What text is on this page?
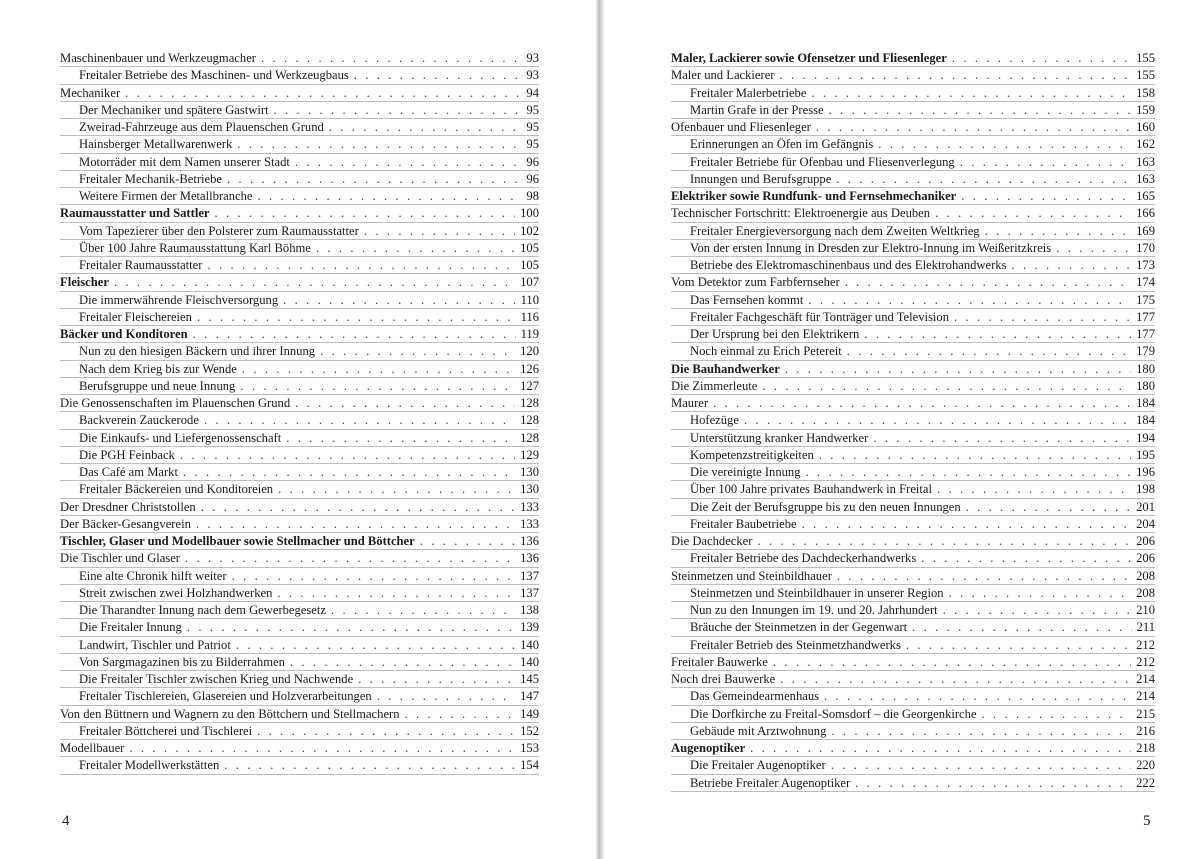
Maschinenbauer und Werkzeugmacher . . .	93
Freitaler Betriebe des Maschinen- und Werkzeugbaus . . .	93
Mechaniker . . .	94
Der Mechaniker und spätere Gastwirt . . .	95
Zweirad-Fahrzeuge aus dem Plauenschen Grund . . .	95
Hainsberger Metallwarenwerk . . .	95
Motorräder mit dem Namen unserer Stadt . . .	96
Freitaler Mechanik-Betriebe . . .	96
Weitere Firmen der Metallbranche . . .	98
Raumausstatter und Sattler . . .	100
Vom Tapezierer über den Polsterer zum Raumausstatter . . .	102
Über 100 Jahre Raumausstattung Karl Böhme . . .	105
Freitaler Raumausstatter . . .	105
Fleischer . . .	107
Die immerwährende Fleischversorgung . . .	110
Freitaler Fleischereien . . .	116
Bäcker und Konditoren . . .	119
Nun zu den hiesigen Bäckern und ihrer Innung . . .	120
Nach dem Krieg bis zur Wende . . .	126
Berufsgruppe und neue Innung . . .	127
Die Genossenschaften im Plauenschen Grund . . .	128
Backverein Zauckerode . . .	128
Die Einkaufs- und Liefergenossenschaft . . .	128
Die PGH Feinback . . .	129
Das Café am Markt . . .	130
Freitaler Bäckereien und Konditoreien . . .	130
Der Dresdner Christstollen . . .	133
Der Bäcker-Gesangverein . . .	133
Tischler, Glaser und Modellbauer sowie Stellmacher und Böttcher . . .	136
Die Tischler und Glaser . . .	136
Eine alte Chronik hilft weiter . . .	137
Streit zwischen zwei Holzhandwerken . . .	137
Die Tharandter Innung nach dem Gewerbegesetz . . .	138
Die Freitaler Innung . . .	139
Landwirt, Tischler und Patriot . . .	140
Von Sargmagazinen bis zu Bilderrahmen . . .	140
Die Freitaler Tischler zwischen Krieg und Nachwende . . .	145
Freitaler Tischlereien, Glasereien und Holzverarbeitungen . . .	147
Von den Büttnern und Wagnern zu den Böttchern und Stellmachern . . .	149
Freitaler Böttcherei und Tischlerei . . .	152
Modellbauer . . .	153
Freitaler Modellwerkstätten . . .	154
4
Maler, Lackierer sowie Ofensetzer und Fliesenleger . . .	155
Maler und Lackierer . . .	155
Freitaler Malerbetriebe . . .	158
Martin Grafe in der Presse . . .	159
Ofenbauer und Fliesenleger . . .	160
Erinnerungen an Öfen im Gefängnis . . .	162
Freitaler Betriebe für Ofenbau und Fliesenverlegung . . .	163
Innungen und Berufsgruppe . . .	163
Elektriker sowie Rundfunk- und Fernsehmechaniker . . .	165
Technischer Fortschritt: Elektroenergie aus Deuben . . .	166
Freitaler Energieversorgung nach dem Zweiten Weltkrieg . . .	169
Von der ersten Innung in Dresden zur Elektro-Innung im Weißeritzkreis . . .	170
Betriebe des Elektromaschinenbaus und des Elektrohandwerks . . .	173
Vom Detektor zum Farbfernseher . . .	174
Das Fernsehen kommt . . .	175
Freitaler Fachgeschäft für Tonträger und Television . . .	177
Der Ursprung bei den Elektrikern . . .	177
Noch einmal zu Erich Petereit . . .	179
Die Bauhandwerker . . .	180
Die Zimmerleute . . .	180
Maurer . . .	184
Hofezüge . . .	184
Unterstützung kranker Handwerker . . .	194
Kompetenzstreitigkeiten . . .	195
Die vereinigte Innung . . .	196
Über 100 Jahre privates Bauhandwerk in Freital . . .	198
Die Zeit der Berufsgruppe bis zu den neuen Innungen . . .	201
Freitaler Baubetriebe . . .	204
Die Dachdecker . . .	206
Freitaler Betriebe des Dachdeckerhandwerks . . .	206
Steinmetzen und Steinbildhauer . . .	208
Steinmetzen und Steinbildhauer in unserer Region . . .	208
Nun zu den Innungen im 19. und 20. Jahrhundert . . .	210
Bräuche der Steinmetzen in der Gegenwart . . .	211
Freitaler Betrieb des Steinmetzhandwerks . . .	212
Freitaler Bauwerke . . .	212
Noch drei Bauwerke . . .	214
Das Gemeindearmenhaus . . .	214
Die Dorfkirche zu Freital-Somsdorf – die Georgenkirche . . .	215
Gebäude mit Arztwohnung . . .	216
Augenoptiker . . .	218
Die Freitaler Augenoptiker . . .	220
Betriebe Freitaler Augenoptiker . . .	222
5
